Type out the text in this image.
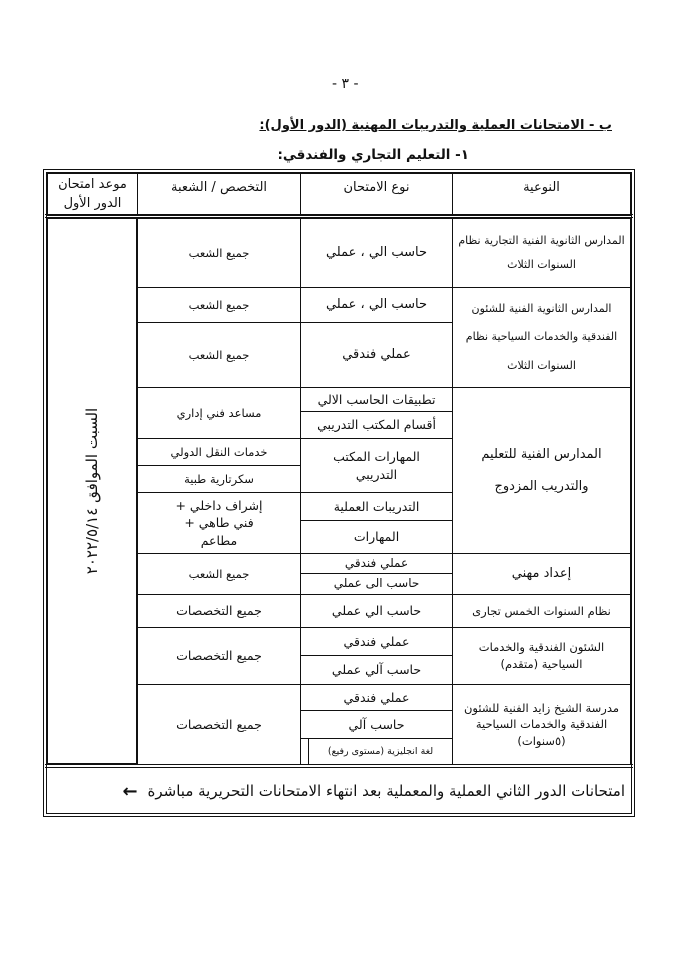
- ٣ -
ب - الامتحانات العملية والتدريبات المهنية (الدور الأول):
١- التعليم التجاري والفندقي:
النوعية
نوع الامتحان
التخصص / الشعبة
موعد امتحان الدور الأول
السبت الموافق ٢٠٢٢/٥/١٤
المدارس الثانوية الفنية التجارية نظام السنوات الثلاث
حاسب الي ، عملي
جميع الشعب
المدارس الثانوية الفنية للشئون الفندقية والخدمات السياحية نظام السنوات الثلاث
حاسب الي ، عملي
عملي فندقي
جميع الشعب
جميع الشعب
المدارس الفنية للتعليم والتدريب المزدوج
تطبيقات الحاسب الالي
أقسام المكتب التدريبي
المهارات المكتب التدريبي
التدريبات العملية
المهارات
مساعد فني إداري
خدمات النقل الدولي
سكرتارية طبية
إشراف داخلي + فني طاهي + مطاعم
إعداد مهني
عملي فندقي
حاسب الى عملي
جميع الشعب
نظام السنوات الخمس تجارى
حاسب الي عملي
جميع التخصصات
الشئون الفندقية والخدمات السياحية (متقدم)
عملي فندقي
حاسب آلي عملي
جميع التخصصات
مدرسة الشيخ زايد الفنية للشئون الفندقية والخدمات السياحية (٥سنوات)
عملي فندقي
حاسب آلي
لغة انجليزية (مستوى رفيع)
جميع التخصصات
امتحانات الدور الثاني العملية والمعملية بعد انتهاء الامتحانات التحريرية مباشرة
←
